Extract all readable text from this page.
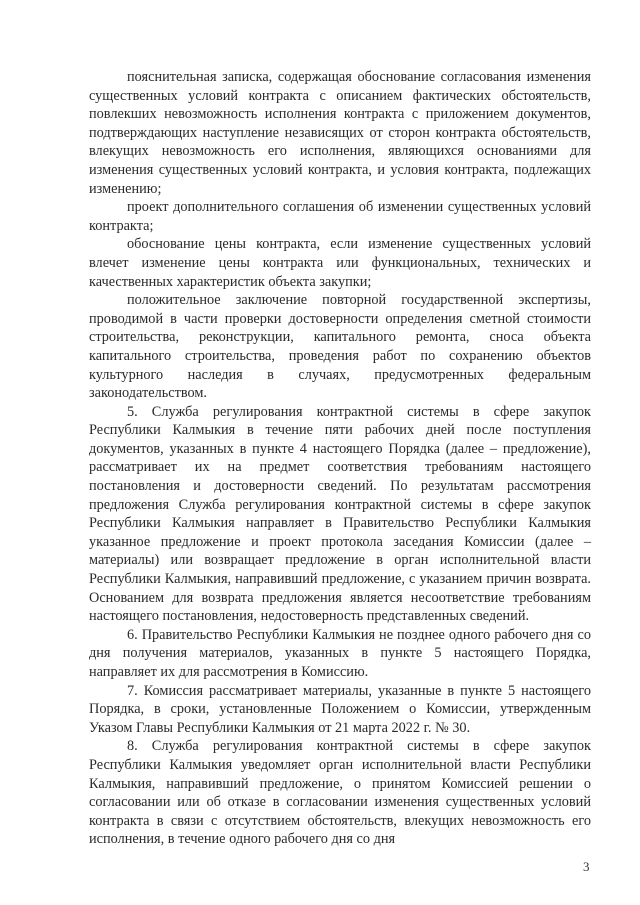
пояснительная записка, содержащая обоснование согласования изменения существенных условий контракта с описанием фактических обстоятельств, повлекших невозможность исполнения контракта с приложением документов, подтверждающих наступление независящих от сторон контракта обстоятельств, влекущих невозможность его исполнения, являющихся основаниями для изменения существенных условий контракта, и условия контракта, подлежащих изменению;

проект дополнительного соглашения об изменении существенных условий контракта;

обоснование цены контракта, если изменение существенных условий влечет изменение цены контракта или функциональных, технических и качественных характеристик объекта закупки;

положительное заключение повторной государственной экспертизы, проводимой в части проверки достоверности определения сметной стоимости строительства, реконструкции, капитального ремонта, сноса объекта капитального строительства, проведения работ по сохранению объектов культурного наследия в случаях, предусмотренных федеральным законодательством.

5. Служба регулирования контрактной системы в сфере закупок Республики Калмыкия в течение пяти рабочих дней после поступления документов, указанных в пункте 4 настоящего Порядка (далее – предложение), рассматривает их на предмет соответствия требованиям настоящего постановления и достоверности сведений. По результатам рассмотрения предложения Служба регулирования контрактной системы в сфере закупок Республики Калмыкия направляет в Правительство Республики Калмыкия указанное предложение и проект протокола заседания Комиссии (далее – материалы) или возвращает предложение в орган исполнительной власти Республики Калмыкия, направивший предложение, с указанием причин возврата. Основанием для возврата предложения является несоответствие требованиям настоящего постановления, недостоверность представленных сведений.

6. Правительство Республики Калмыкия не позднее одного рабочего дня со дня получения материалов, указанных в пункте 5 настоящего Порядка, направляет их для рассмотрения в Комиссию.

7. Комиссия рассматривает материалы, указанные в пункте 5 настоящего Порядка, в сроки, установленные Положением о Комиссии, утвержденным Указом Главы Республики Калмыкия от 21 марта 2022 г. № 30.

8. Служба регулирования контрактной системы в сфере закупок Республики Калмыкия уведомляет орган исполнительной власти Республики Калмыкия, направивший предложение, о принятом Комиссией решении о согласовании или об отказе в согласовании изменения существенных условий контракта в связи с отсутствием обстоятельств, влекущих невозможность его исполнения, в течение одного рабочего дня со дня

3
